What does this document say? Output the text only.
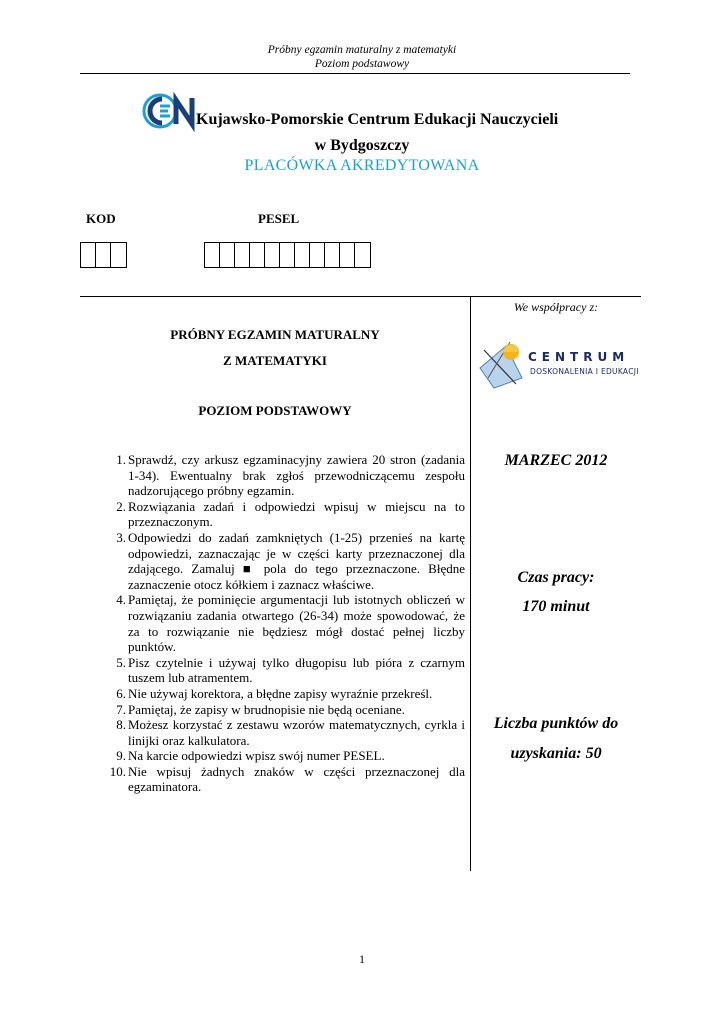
Próbny egzamin maturalny z matematyki
Poziom podstawowy
Kujawsko-Pomorskie Centrum Edukacji Nauczycieli
w Bydgoszczy
PLACÓWKA AKREDYTOWANA
KOD	PESEL
PRÓBNY EGZAMIN MATURALNY
Z MATEMATYKI
POZIOM PODSTAWOWY
We współpracy z:
CENTRUM
DOSKONALENIA I EDUKACJI
MARZEC 2012
Czas pracy:
170 minut
Liczba punktów do
uzyskania: 50
1. Sprawdź, czy arkusz egzaminacyjny zawiera 20 stron (zadania 1-34). Ewentualny brak zgłoś przewodniczącemu zespołu nadzorującego próbny egzamin.
2. Rozwiązania zadań i odpowiedzi wpisuj w miejscu na to przeznaczonym.
3. Odpowiedzi do zadań zamkniętych (1-25) przenieś na kartę odpowiedzi, zaznaczając je w części karty przeznaczonej dla zdającego. Zamaluj ■ pola do tego przeznaczone. Błędne zaznaczenie otocz kółkiem i zaznacz właściwe.
4. Pamiętaj, że pominięcie argumentacji lub istotnych obliczeń w rozwiązaniu zadania otwartego (26-34) może spowodować, że za to rozwiązanie nie będziesz mógł dostać pełnej liczby punktów.
5. Pisz czytelnie i używaj tylko długopisu lub pióra z czarnym tuszem lub atramentem.
6. Nie używaj korektora, a błędne zapisy wyraźnie przekreśl.
7. Pamiętaj, że zapisy w brudnopisie nie będą oceniane.
8. Możesz korzystać z zestawu wzorów matematycznych, cyrkla i linijki oraz kalkulatora.
9. Na karcie odpowiedzi wpisz swój numer PESEL.
10. Nie wpisuj żadnych znaków w części przeznaczonej dla egzaminatora.
1
